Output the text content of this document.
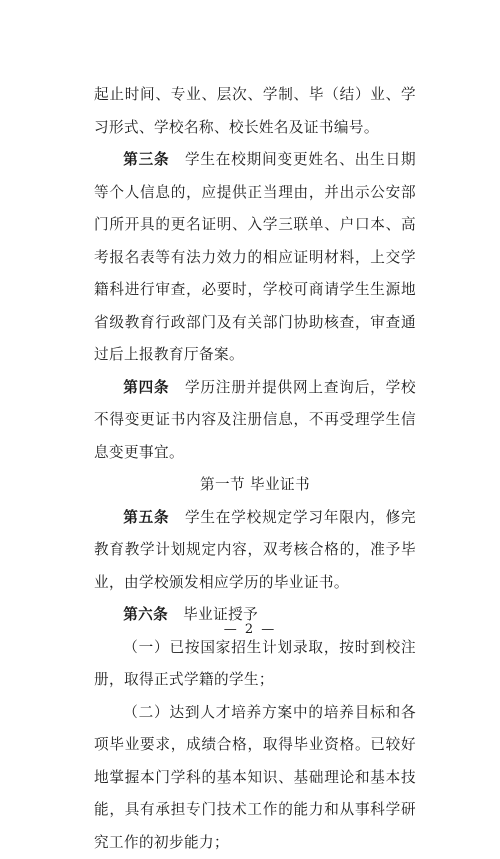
起止时间、专业、层次、学制、毕（结）业、学习形式、学校名称、校长姓名及证书编号。

第三条　 学生在校期间变更姓名、出生日期等个人信息的，应提供正当理由，并出示公安部门所开具的更名证明、入学三联单、户口本、高考报名表等有法力效力的相应证明材料，上交学籍科进行审查，必要时，学校可商请学生生源地省级教育行政部门及有关部门协助核查，审查通过后上报教育厅备案。

第四条　 学历注册并提供网上查询后，学校不得变更证书内容及注册信息，不再受理学生信息变更事宜。

第一节 毕业证书

第五条　 学生在学校规定学习年限内，修完教育教学计划规定内容，双考核合格的，准予毕业，由学校颁发相应学历的毕业证书。

第六条　 毕业证授予

（一）已按国家招生计划录取，按时到校注册，取得正式学籍的学生；

（二）达到人才培养方案中的培养目标和各项毕业要求，成绩合格，取得毕业资格。已较好地掌握本门学科的基本知识、基础理论和基本技能，具有承担专门技术工作的能力和从事科学研究工作的初步能力；

— 2 —
